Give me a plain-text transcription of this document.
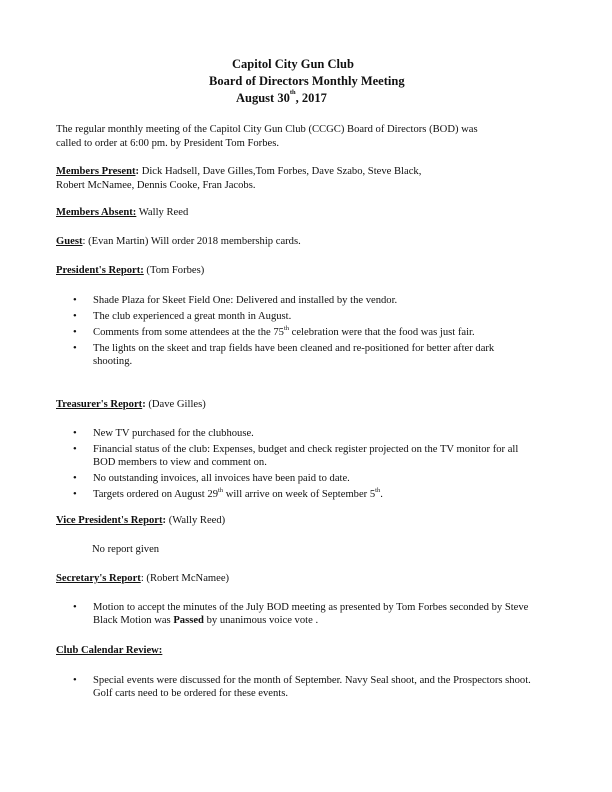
Capitol City Gun Club
Board of Directors Monthly Meeting
August 30th, 2017
The regular monthly meeting of the Capitol City Gun Club (CCGC) Board of Directors (BOD) was
called to order at 6:00 pm. by President Tom Forbes.
Members Present: Dick Hadsell, Dave Gilles,Tom Forbes, Dave Szabo, Steve Black,
Robert McNamee, Dennis Cooke, Fran Jacobs.
Members Absent: Wally Reed
Guest: (Evan Martin) Will order 2018 membership cards.
President's Report: (Tom Forbes)
• Shade Plaza for Skeet Field One: Delivered and installed by the vendor.
• The club experienced a great month in August.
• Comments from some attendees at the the 75th celebration were that the food was just fair.
• The lights on the skeet and trap fields have been cleaned and re-positioned for better after dark shooting.
Treasurer's Report: (Dave Gilles)
• New TV purchased for the clubhouse.
• Financial status of the club: Expenses, budget and check register projected on the TV monitor for all BOD members to view and comment on.
• No outstanding invoices, all invoices have been paid to date.
• Targets ordered on August 29th will arrive on week of September 5th.
Vice President's Report: (Wally Reed)
No report given
Secretary's Report: (Robert McNamee)
• Motion to accept the minutes of the July BOD meeting as presented by Tom Forbes seconded by Steve Black Motion was Passed by unanimous voice vote .
Club Calendar Review:
• Special events were discussed for the month of September. Navy Seal shoot, and the Prospectors shoot. Golf carts need to be ordered for these events.
